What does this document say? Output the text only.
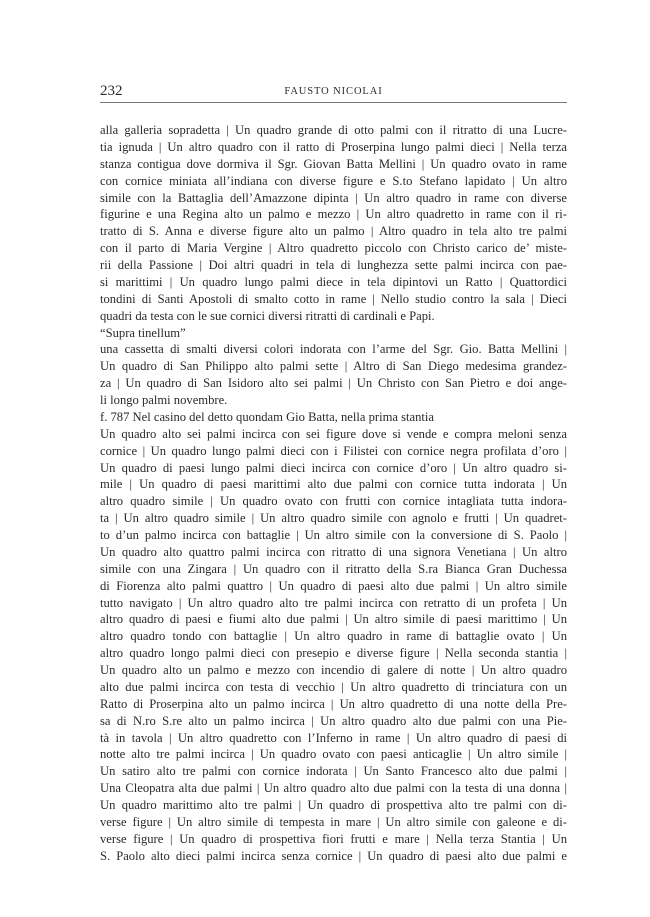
232	FAUSTO NICOLAI
alla galleria sopradetta | Un quadro grande di otto palmi con il ritratto di una Lucre-
tia ignuda | Un altro quadro con il ratto di Proserpina lungo palmi dieci | Nella terza
stanza contigua dove dormiva il Sgr. Giovan Batta Mellini | Un quadro ovato in rame
con cornice miniata all’indiana con diverse figure e S.to Stefano lapidato | Un altro
simile con la Battaglia dell’Amazzone dipinta | Un altro quadro in rame con diverse
figurine e una Regina alto un palmo e mezzo | Un altro quadretto in rame con il ri-
tratto di S. Anna e diverse figure alto un palmo | Altro quadro in tela alto tre palmi
con il parto di Maria Vergine | Altro quadretto piccolo con Christo carico de’ miste-
rii della Passione | Doi altri quadri in tela di lunghezza sette palmi incirca con pae-
si marittimi | Un quadro lungo palmi diece in tela dipintovi un Ratto | Quattordici
tondini di Santi Apostoli di smalto cotto in rame | Nello studio contro la sala | Dieci
quadri da testa con le sue cornici diversi ritratti di cardinali e Papi.
“Supra tinellum”
una cassetta di smalti diversi colori indorata con l’arme del Sgr. Gio. Batta Mellini |
Un quadro di San Philippo alto palmi sette | Altro di San Diego medesima grandez-
za | Un quadro di San Isidoro alto sei palmi | Un Christo con San Pietro e doi ange-
li longo palmi novembre.
f. 787 Nel casino del detto quondam Gio Batta, nella prima stantia
Un quadro alto sei palmi incirca con sei figure dove si vende e compra meloni senza
cornice | Un quadro lungo palmi dieci con i Filistei con cornice negra profilata d’oro |
Un quadro di paesi lungo palmi dieci incirca con cornice d’oro | Un altro quadro si-
mile | Un quadro di paesi marittimi alto due palmi con cornice tutta indorata | Un
altro quadro simile | Un quadro ovato con frutti con cornice intagliata tutta indora-
ta | Un altro quadro simile | Un altro quadro simile con agnolo e frutti | Un quadret-
to d’un palmo incirca con battaglie | Un altro simile con la conversione di S. Paolo |
Un quadro alto quattro palmi incirca con ritratto di una signora Venetiana | Un altro
simile con una Zingara | Un quadro con il ritratto della S.ra Bianca Gran Duchessa
di Fiorenza alto palmi quattro | Un quadro di paesi alto due palmi | Un altro simile
tutto navigato | Un altro quadro alto tre palmi incirca con retratto di un profeta | Un
altro quadro di paesi e fiumi alto due palmi | Un altro simile di paesi marittimo | Un
altro quadro tondo con battaglie | Un altro quadro in rame di battaglie ovato | Un
altro quadro longo palmi dieci con presepio e diverse figure | Nella seconda stantia |
Un quadro alto un palmo e mezzo con incendio di galere di notte | Un altro quadro
alto due palmi incirca con testa di vecchio | Un altro quadretto di trinciatura con un
Ratto di Proserpina alto un palmo incirca | Un altro quadretto di una notte della Pre-
sa di N.ro S.re alto un palmo incirca | Un altro quadro alto due palmi con una Pie-
tà in tavola | Un altro quadretto con l’Inferno in rame | Un altro quadro di paesi di
notte alto tre palmi incirca | Un quadro ovato con paesi anticaglie | Un altro simile |
Un satiro alto tre palmi con cornice indorata | Un Santo Francesco alto due palmi |
Una Cleopatra alta due palmi | Un altro quadro alto due palmi con la testa di una donna |
Un quadro marittimo alto tre palmi | Un quadro di prospettiva alto tre palmi con di-
verse figure | Un altro simile di tempesta in mare | Un altro simile con galeone e di-
verse figure | Un quadro di prospettiva fiori frutti e mare | Nella terza Stantia | Un
S. Paolo alto dieci palmi incirca senza cornice | Un quadro di paesi alto due palmi e
